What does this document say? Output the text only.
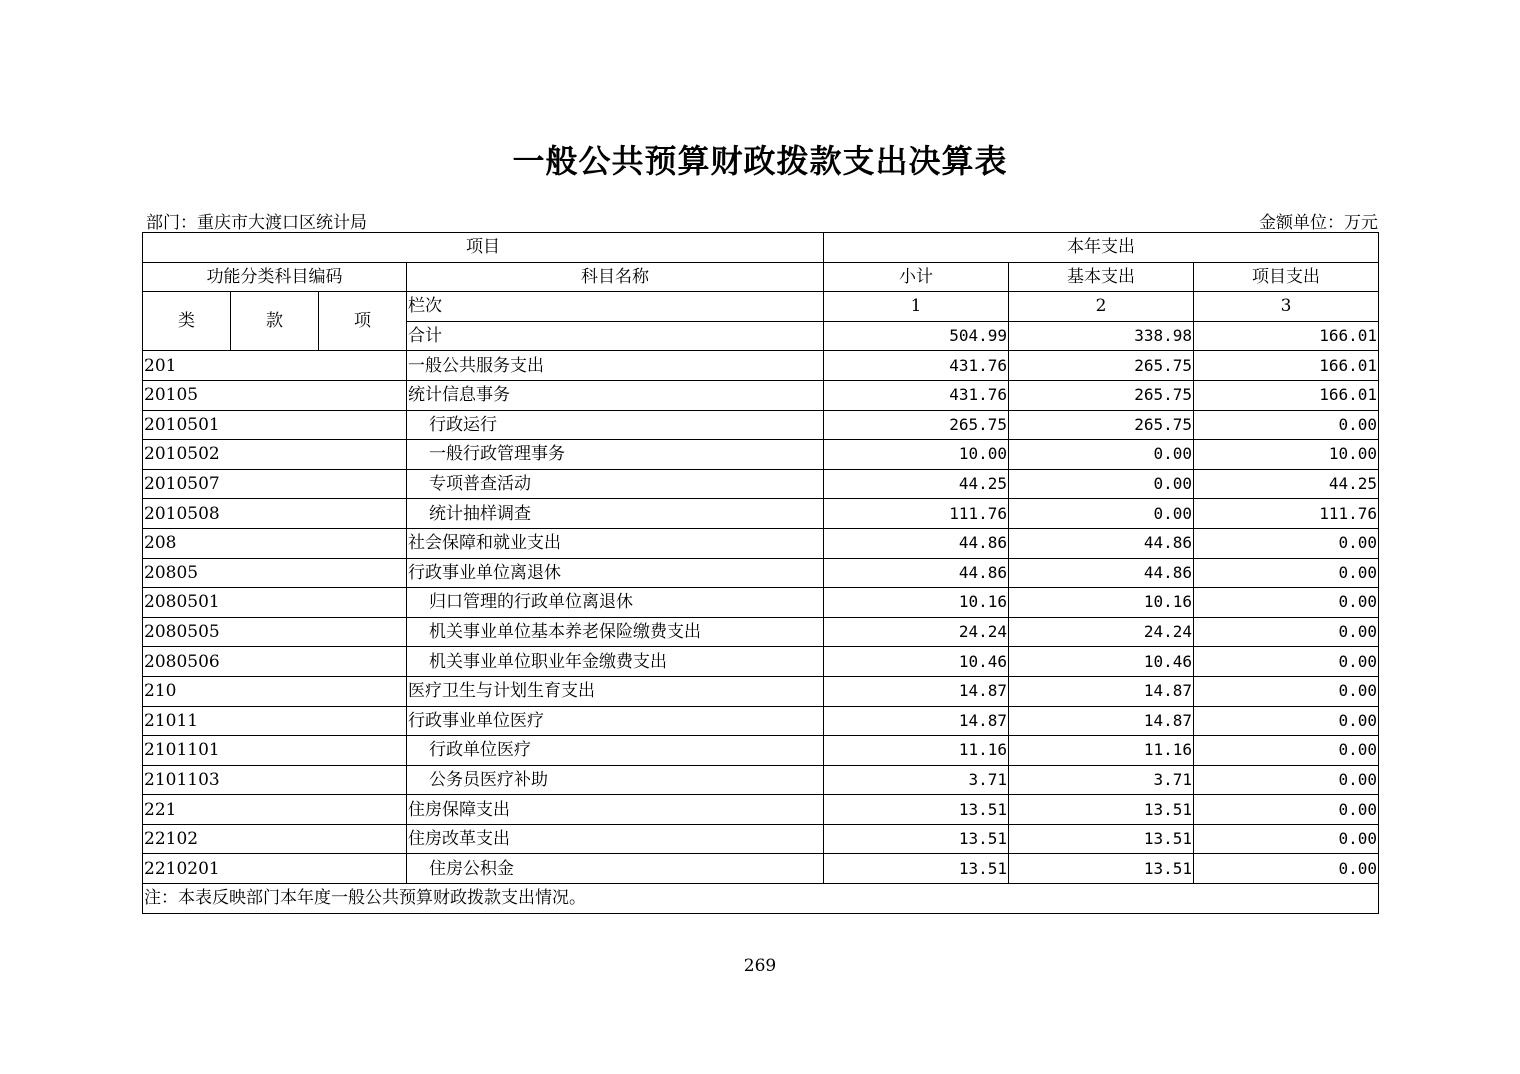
一般公共预算财政拨款支出决算表
部门：重庆市大渡口区统计局	金额单位：万元
项目				本年支出		
功能分类科目编码			科目名称	小计	基本支出	项目支出
类	款	项	栏次	1	2	3
			合计	504.99	338.98	166.01
201			一般公共服务支出	431.76	265.75	166.01
20105			统计信息事务	431.76	265.75	166.01
2010501			行政运行	265.75	265.75	0.00
2010502			一般行政管理事务	10.00	0.00	10.00
2010507			专项普查活动	44.25	0.00	44.25
2010508			统计抽样调查	111.76	0.00	111.76
208			社会保障和就业支出	44.86	44.86	0.00
20805			行政事业单位离退休	44.86	44.86	0.00
2080501			归口管理的行政单位离退休	10.16	10.16	0.00
2080505			机关事业单位基本养老保险缴费支出	24.24	24.24	0.00
2080506			机关事业单位职业年金缴费支出	10.46	10.46	0.00
210			医疗卫生与计划生育支出	14.87	14.87	0.00
21011			行政事业单位医疗	14.87	14.87	0.00
2101101			行政单位医疗	11.16	11.16	0.00
2101103			公务员医疗补助	3.71	3.71	0.00
221			住房保障支出	13.51	13.51	0.00
22102			住房改革支出	13.51	13.51	0.00
2210201			住房公积金	13.51	13.51	0.00
注：本表反映部门本年度一般公共预算财政拨款支出情况。						
269
